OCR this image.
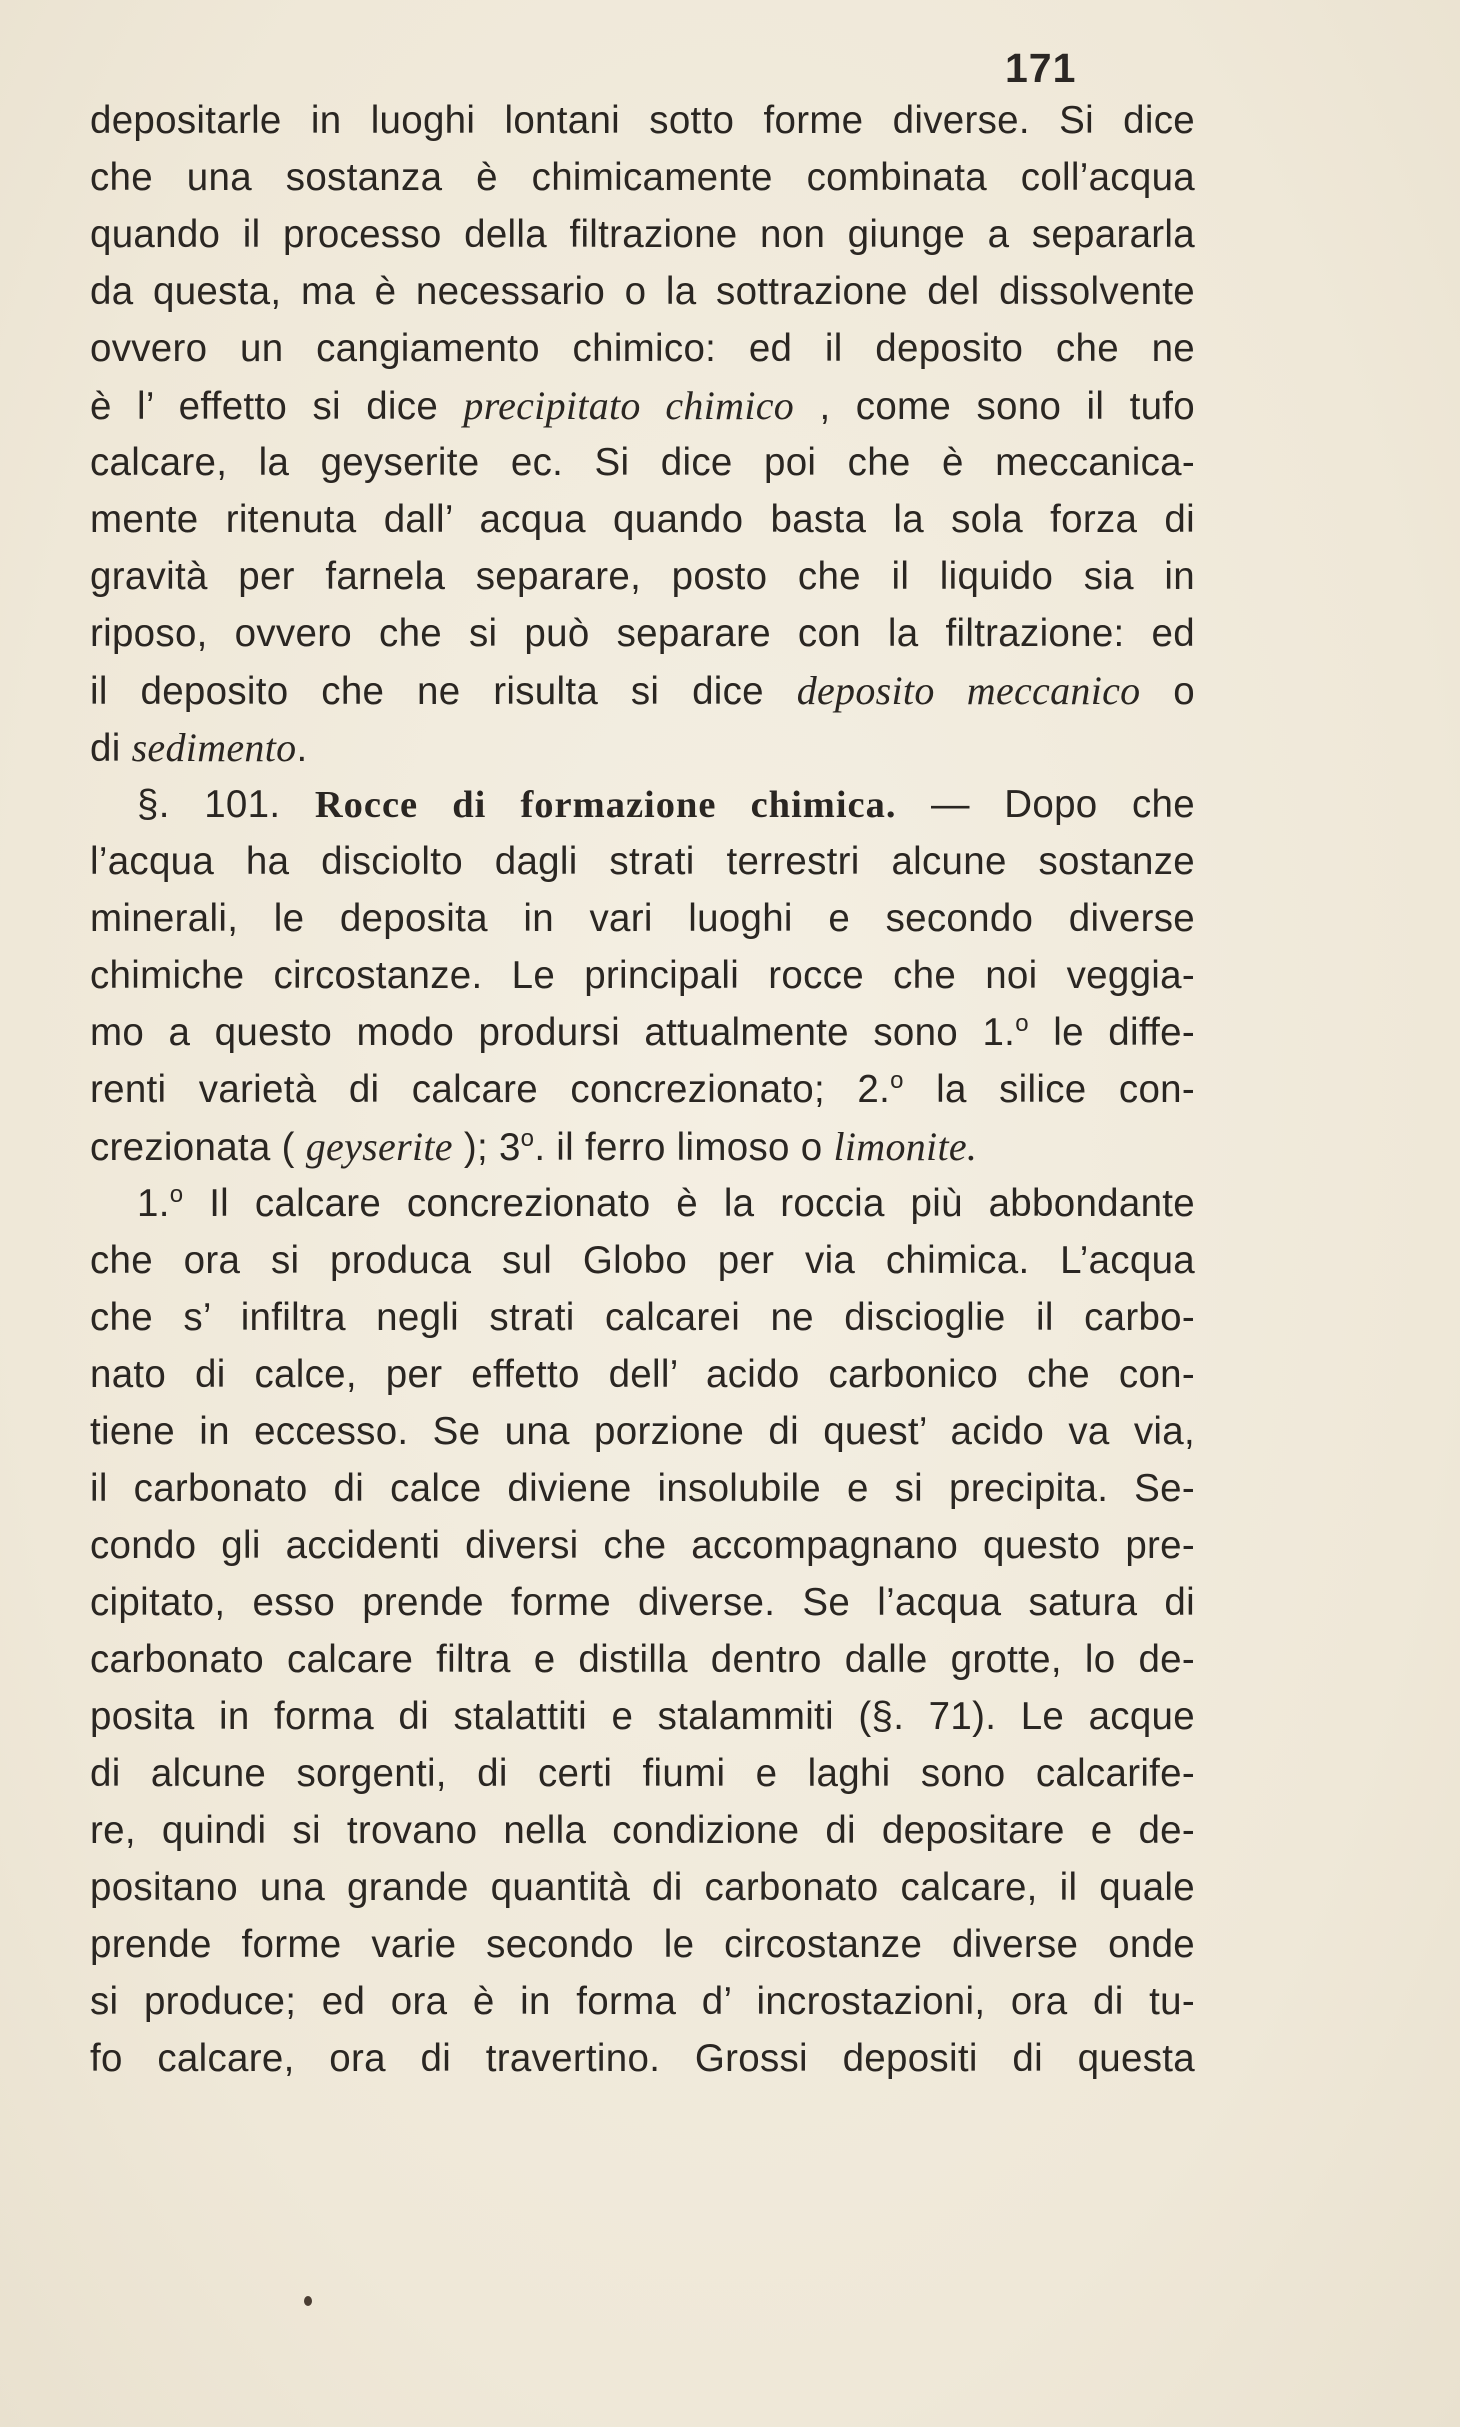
171
depositarle in luoghi lontani sotto forme diverse. Si dice
che una sostanza è chimicamente combinata coll’acqua
quando il processo della filtrazione non giunge a separarla
da questa, ma è necessario o la sottrazione del dissolvente
ovvero un cangiamento chimico: ed il deposito che ne
è l’ effetto si dice precipitato chimico , come sono il tufo
calcare, la geyserite ec. Si dice poi che è meccanica-
mente ritenuta dall’ acqua quando basta la sola forza di
gravità per farnela separare, posto che il liquido sia in
riposo, ovvero che si può separare con la filtrazione: ed
il deposito che ne risulta si dice deposito meccanico o
di sedimento.
§. 101. Rocce di formazione chimica. — Dopo che
l’acqua ha disciolto dagli strati terrestri alcune sostanze
minerali, le deposita in vari luoghi e secondo diverse
chimiche circostanze. Le principali rocce che noi veggia-
mo a questo modo prodursi attualmente sono 1.$^o$ le diffe-
renti varietà di calcare concrezionato; 2.$^o$ la silice con-
crezionata ( geyserite ); 3$^o$. il ferro limoso o limonite.
1.$^o$ Il calcare concrezionato è la roccia più abbondante
che ora si produca sul Globo per via chimica. L’acqua
che s’ infiltra negli strati calcarei ne discioglie il carbo-
nato di calce, per effetto dell’ acido carbonico che con-
tiene in eccesso. Se una porzione di quest’ acido va via,
il carbonato di calce diviene insolubile e si precipita. Se-
condo gli accidenti diversi che accompagnano questo pre-
cipitato, esso prende forme diverse. Se l’acqua satura di
carbonato calcare filtra e distilla dentro dalle grotte, lo de-
posita in forma di stalattiti e stalammiti (§. 71). Le acque
di alcune sorgenti, di certi fiumi e laghi sono calcarife-
re, quindi si trovano nella condizione di depositare e de-
positano una grande quantità di carbonato calcare, il quale
prende forme varie secondo le circostanze diverse onde
si produce; ed ora è in forma d’ incrostazioni, ora di tu-
fo calcare, ora di travertino. Grossi depositi di questa
